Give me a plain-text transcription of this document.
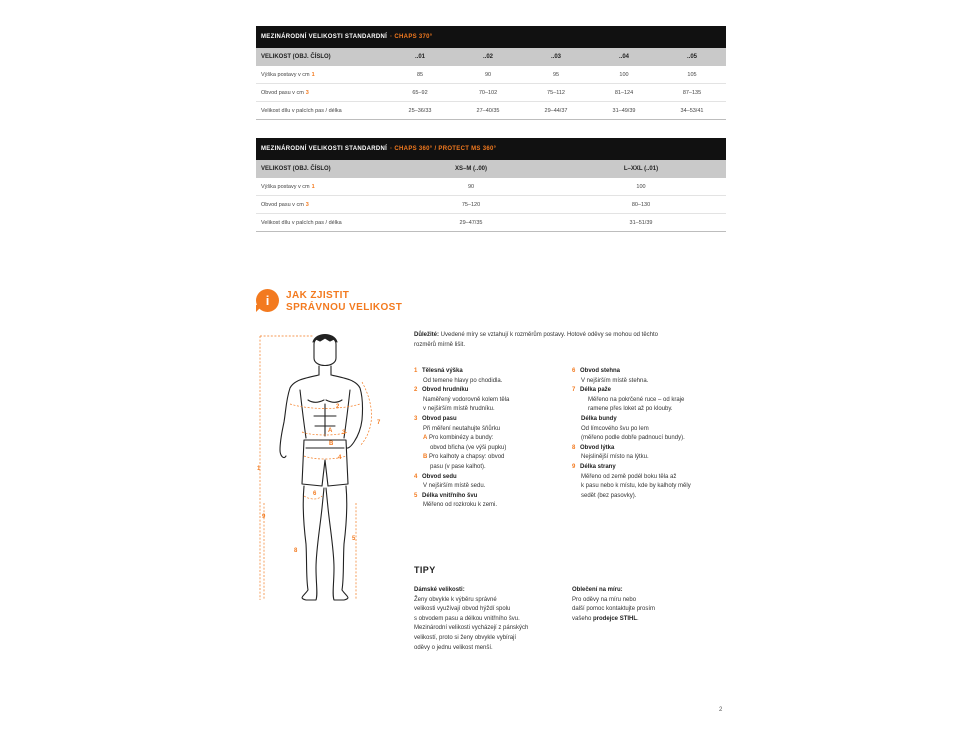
MEZINÁRODNÍ VELIKOSTI STANDARDNÍ · CHAPS 370°
VELIKOST (OBJ. ČÍSLO)	..01	..02	..03	..04	..05
Výška postavy v cm 1	85	90	95	100	105
Obvod pasu v cm 3	65–92	70–102	75–112	81–124	87–135
Velikost dílu v palcích pas / délka	25–36/33	27–40/35	29–44/37	31–49/39	34–53/41
MEZINÁRODNÍ VELIKOSTI STANDARDNÍ · CHAPS 360° / PROTECT MS 360°
VELIKOST (OBJ. ČÍSLO)	XS–M (..00)	L–XXL (..01)
Výška postavy v cm 1	90	100
Obvod pasu v cm 3	75–120	80–130
Velikost dílu v palcích pas / délka	29–47/35	31–51/39
i JAK ZJISTIT
SPRÁVNOU VELIKOST
1
2
3
A
B
4
5
6
7
8
9
Důležité: Uvedené míry se vztahují k rozměrům postavy. Hotové oděvy se mohou od těchto rozměrů mírně lišit.
1 Tělesná výška
Od temene hlavy po chodidla.
2 Obvod hrudníku
Naměřený vodorovně kolem těla
v nejširším místě hrudníku.
3 Obvod pasu
Při měření neutahujte šňůrku
A Pro kombinézy a bundy:
obvod břicha (ve výši pupku)
B Pro kalhoty a chapsy: obvod
pasu (v pase kalhot).
4 Obvod sedu
V nejširším místě sedu.
5 Délka vnitřního švu
Měřeno od rozkroku k zemi.
6 Obvod stehna
V nejširším místě stehna.
7 Délka paže
Měřeno na pokrčené ruce – od kraje
ramene přes loket až po klouby.
Délka bundy
Od límcového švu po lem
(měřeno podle dobře padnoucí bundy).
8 Obvod lýtka
Nejslinější místo na lýtku.
9 Délka strany
Měřeno od země podél boku těla až
k pasu nebo k místu, kde by kalhoty měly
sedět (bez pasovky).
TIPY
Dámské velikosti:
Ženy obvykle k výběru správné
velikosti využívají obvod hýždí spolu
s obvodem pasu a délkou vnitřního švu.
Mezinárodní velikosti vycházejí z pánských
velikostí, proto si ženy obvykle vybírají
oděvy o jednu velikost menší.
Oblečení na míru:
Pro oděvy na míru nebo
další pomoc kontaktujte prosím
vašeho prodejce STIHL.
2
